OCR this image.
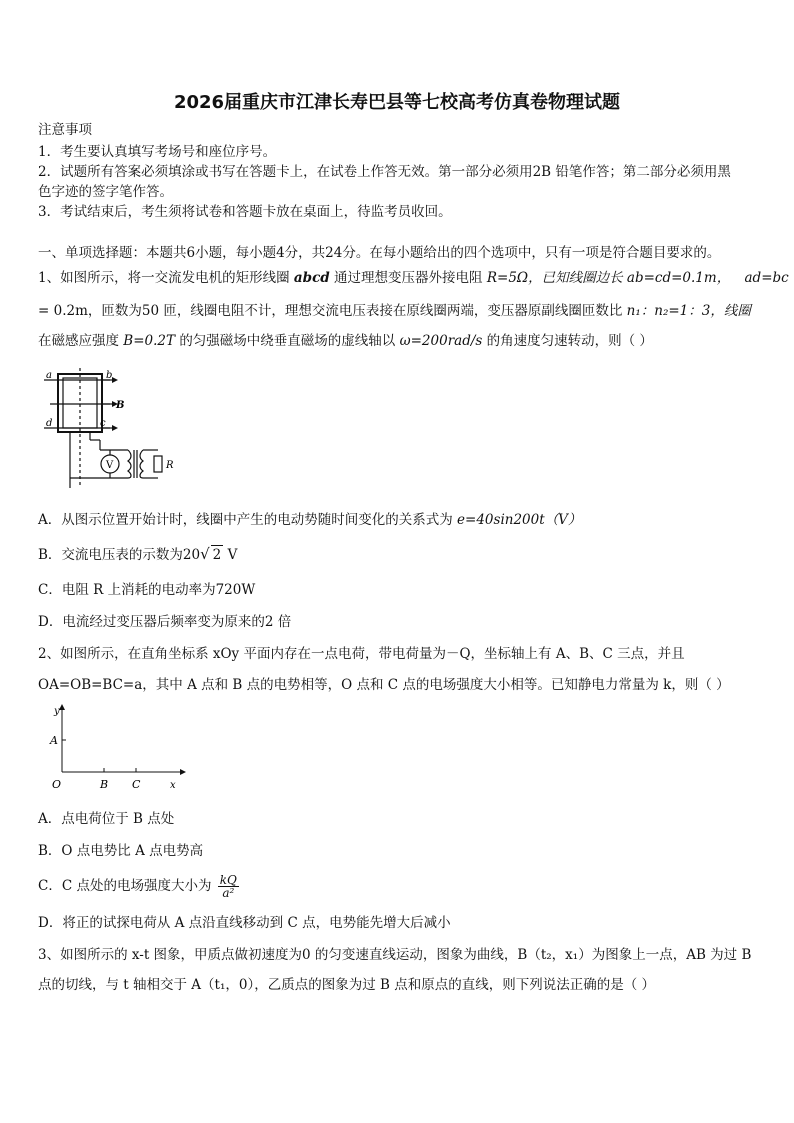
2026届重庆市江津长寿巴县等七校高考仿真卷物理试题
注意事项
1．考生要认真填写考场号和座位序号。
2．试题所有答案必须填涂或书写在答题卡上，在试卷上作答无效。第一部分必须用2B 铅笔作答；第二部分必须用黑
色字迹的签字笔作答。
3．考试结束后，考生须将试卷和答题卡放在桌面上，待监考员收回。
一、单项选择题：本题共6小题，每小题4分，共24分。在每小题给出的四个选项中，只有一项是符合题目要求的。
1、如图所示，将一交流发电机的矩形线圈 abcd 通过理想变压器外接电阻 R=5Ω，已知线圈边长 ab=cd=0.1m， ad=bc
= 0.2m，匝数为50 匝，线圈电阻不计，理想交流电压表接在原线圈两端，变压器原副线圈匝数比 n₁：n₂=1：3，线圈
在磁感应强度 B=0.2T 的匀强磁场中绕垂直磁场的虚线轴以 ω=200rad/s 的角速度匀速转动，则（ ）
a	b
d	c
B
V	R
A．从图示位置开始计时，线圈中产生的电动势随时间变化的关系式为 e=40sin200t（V）
B．交流电压表的示数为20√ 2 V
C．电阻 R 上消耗的电动率为720W
D．电流经过变压器后频率变为原来的2 倍
2、如图所示，在直角坐标系 xOy 平面内存在一点电荷，带电荷量为－Q，坐标轴上有 A、B、C 三点，并且
OA=OB=BC=a，其中 A 点和 B 点的电势相等，O 点和 C 点的电场强度大小相等。已知静电力常量为 k，则（ ）
y
A
O	B C	x
A．点电荷位于 B 点处
B．O 点电势比 A 点电势高
C．C 点处的电场强度大小为 $\frac{kQ}{\text{a²}}$
D．将正的试探电荷从 A 点沿直线移动到 C 点，电势能先增大后减小
3、如图所示的 x-t 图象，甲质点做初速度为0 的匀变速直线运动，图象为曲线，B（t₂，x₁）为图象上一点，AB 为过 B
点的切线，与 t 轴相交于 A（t₁，0），乙质点的图象为过 B 点和原点的直线，则下列说法正确的是（ ）
